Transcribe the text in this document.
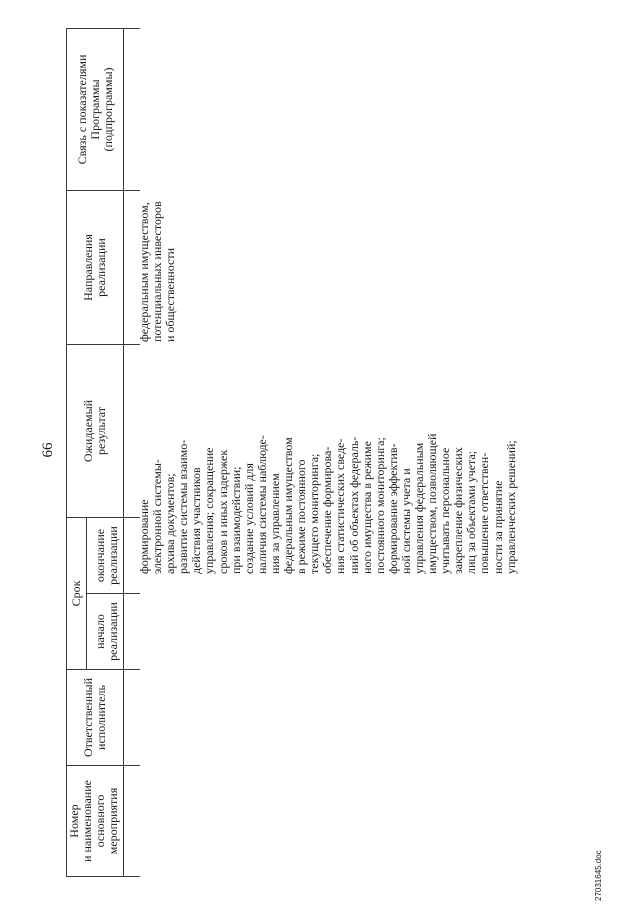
66
Номер
и наименование
основного
мероприятия
Ответственный
исполнитель
Срок
начало
реализации
окончание
реализации
Ожидаемый
результат
Направления
реализации
Связь с показателями
Программы
(подпрограммы)
формирование
электронной системы-
архива документов;
развитие системы взаимо-
действия участников
управления; сокращение
сроков и иных издержек
при взаимодействии;
создание условий для
наличия системы наблюде-
ния за управлением
федеральным имуществом
в режиме постоянного
текущего мониторинга;
обеспечение формирова-
ния статистических сведе-
ний об объектах федераль-
ного имущества в режиме
постоянного мониторинга;
формирование эффектив-
ной системы учета и
управления федеральным
имуществом, позволяющей
учитывать персональное
закрепление физических
лиц за объектами учета;
повышение ответствен-
ности за принятие
управленческих решений;
федеральным имуществом,
потенциальных инвесторов
и общественности
27031645.doc
